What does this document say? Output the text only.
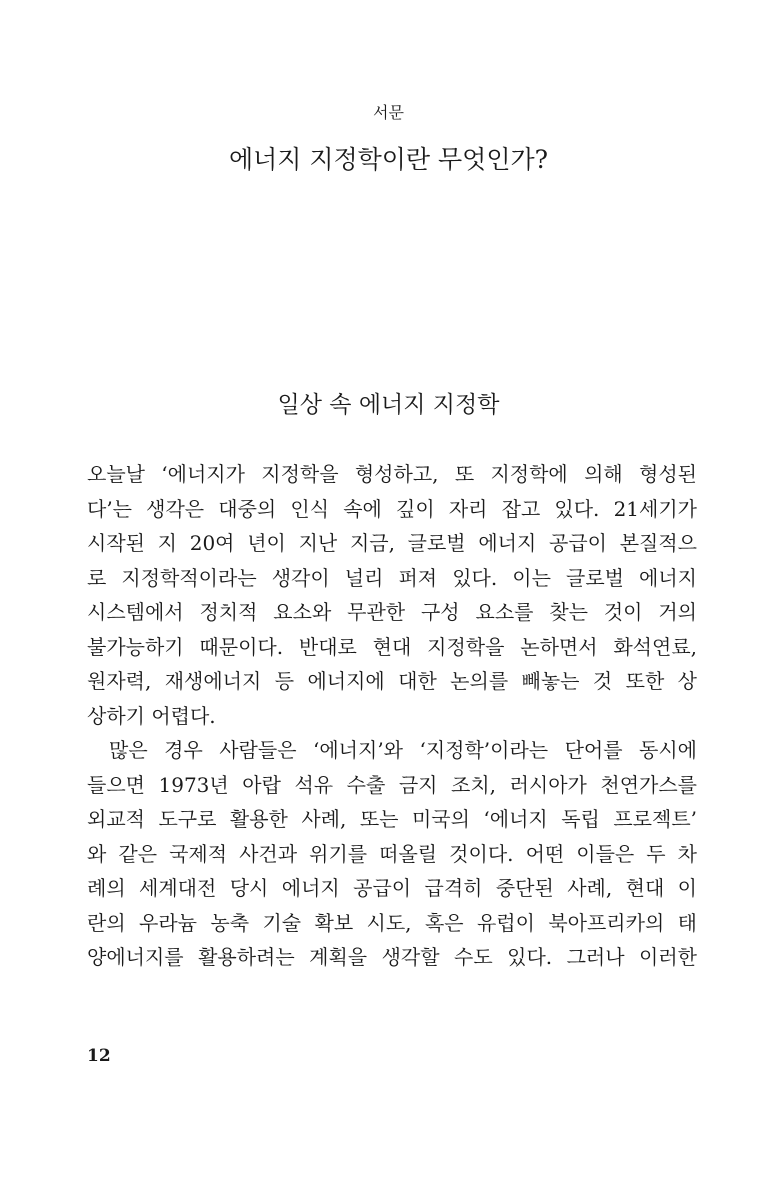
서문
에너지 지정학이란 무엇인가?
일상 속 에너지 지정학
오늘날 ‘에너지가 지정학을 형성하고, 또 지정학에 의해 형성된
다’는 생각은 대중의 인식 속에 깊이 자리 잡고 있다. 21세기가
시작된 지 20여 년이 지난 지금, 글로벌 에너지 공급이 본질적으
로 지정학적이라는 생각이 널리 퍼져 있다. 이는 글로벌 에너지
시스템에서 정치적 요소와 무관한 구성 요소를 찾는 것이 거의
불가능하기 때문이다. 반대로 현대 지정학을 논하면서 화석연료,
원자력, 재생에너지 등 에너지에 대한 논의를 빼놓는 것 또한 상
상하기 어렵다.
많은 경우 사람들은 ‘에너지’와 ‘지정학’이라는 단어를 동시에
들으면 1973년 아랍 석유 수출 금지 조치, 러시아가 천연가스를
외교적 도구로 활용한 사례, 또는 미국의 ‘에너지 독립 프로젝트’
와 같은 국제적 사건과 위기를 떠올릴 것이다. 어떤 이들은 두 차
례의 세계대전 당시 에너지 공급이 급격히 중단된 사례, 현대 이
란의 우라늄 농축 기술 확보 시도, 혹은 유럽이 북아프리카의 태
양에너지를 활용하려는 계획을 생각할 수도 있다. 그러나 이러한
12
